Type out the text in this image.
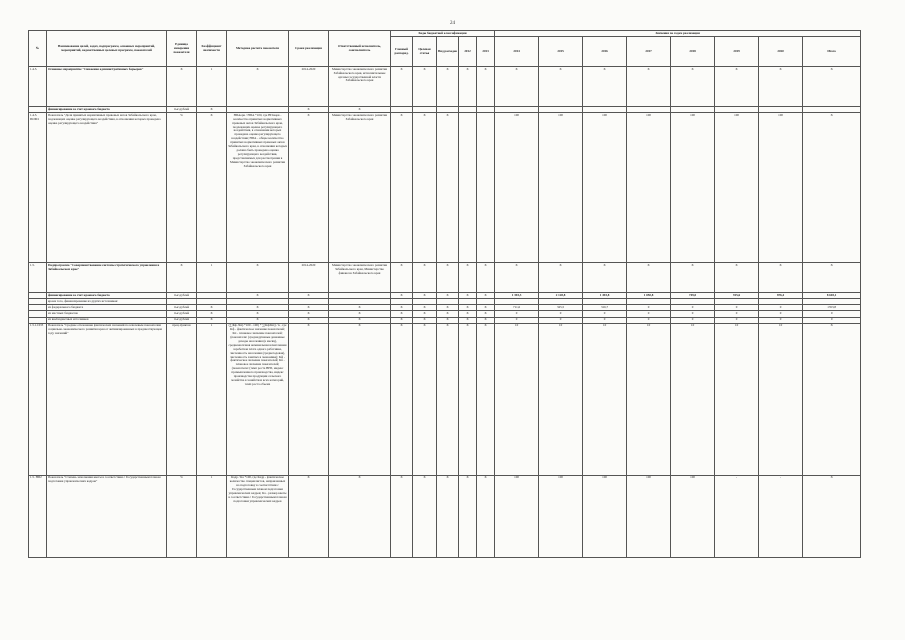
24
№	Наименование целей, задач, подпрограмм, основных мероприятий, мероприятий, ведомственных целевых программ, показателей	Единица измерения показателя	Коэффициент значимости	Методика расчета показателя	Сроки реализации	Ответственный исполнитель, соисполнитель	Коды бюджетной классификации					Значения по годам реализации							
							Главный распоряд.	Целевая статья	Вид расходов	2012	2013	2014	2015	2016	2017	2018	2019	2020	Итого
1.4.3.	Основное мероприятие "Снижение административных барьеров"	Х	1	Х	2014-2020	Министерство экономического развития Забайкальского края, исполнительные органы государственной власти Забайкальского края	Х	Х	Х	Х	Х	Х	Х	Х	Х	Х	Х	Х	Х
	финансирование за счет краевого бюджета	тыс.рублей	Х		Х	Х													
1.4.3. ПОМ1	Показатель "Доля принятых нормативных правовых актов Забайкальского края, подлежащих оценке регулирующего воздействия, в отношении которых проведена оценка регулирующего воздействия"	%	Х	НПАорв / НПА *100, где НПАорв - количество принятых нормативных правовых актов Забайкальского края, подлежащих оценке регулирующего воздействия, в отношении которых проведена оценка регулирующего воздействия; НПА - общее количество принятых нормативных правовых актов Забайкальского края, в отношении которых должна быть проведена оценка регулирующего воздействия, представляемых для рассмотрения в Министерство экономического развития Забайкальского края	Х	Министерство экономического развития Забайкальского края	Х	Х	Х			100	100	100	100	100	100	100	Х
1.5.	Подпрограмма "Совершенствование системы стратегического управления в Забайкальском крае"	Х	1	Х	2014-2020	Министерство экономического развития Забайкальского края, Министерство финансов Забайкальского края	Х	Х	Х	Х	Х	Х	Х	Х	Х	Х	Х	Х	Х
	финансирование за счет краевого бюджета	тыс.рублей		Х	Х		Х	Х	Х	Х	Х	1 393,3	2 128,8	1 493,8	1 050,8	749,0	915,6	876,4	8 603,1
	кроме того, финансирование из других источников:																		
	из федерального бюджета	тыс.рублей	Х	Х	Х	Х	Х	Х	Х	Х	Х	711,6	325,5	316,7	0	0	0	0	1353,8
	из местных бюджетов	тыс.рублей	Х	Х	Х	Х	Х	Х	Х	Х	Х	0	0	0	0	0	0	0	0
	из внебюджетных источников	тыс.рублей	Х	Х	Х	Х	Х	Х	Х	Х	Х	0	0	0	0	0	0	0	0
1.5.1.СП3	Показатель "Среднее отклонение фактических значений по ключевым показателям социально-экономического развития края от активизированных в предшествующем году значений"	проц.пунктов	1	(∑|Кф /Кп) *100 - 100) * ∑|Кф/Кп|) / k , где Кф - фактическое значение показателей; Кп - плановое значение показателей; (показатели: (среднедушевые денежные доходы населения (в месяц), среднемесячная номинальная начисленная заработная плата одного работника, численность населения (среднегодовая), численность занятых в экономике); Кф - фактическое значение показателей; Кп - плановое значение показателей; (показатели: (темп роста ВРП, индекс промышленного производства, индекс производства продукции сельского хозяйства в хозяйствах всех категорий, темп роста объема	Х	Х	Х	Х	Х	Х	Х	10	10	10	10	10	10	10	Х
1.5. НП2	Показатель "Степень заполнения квоты в соответствии с Государственным планом подготовки управленческих кадров"	%	1	Кадр / Ка *100, где Кадр - фактическое количество специалистов, направленных на подготовку в соответствии с Государственным планом подготовки управленческих кадров; Ка - размер квоты в соответствии с Государственным планом подготовки управленческих кадров	Х	Х	Х	Х	Х	Х	Х	100	100	100	100	100	-	-	Х
